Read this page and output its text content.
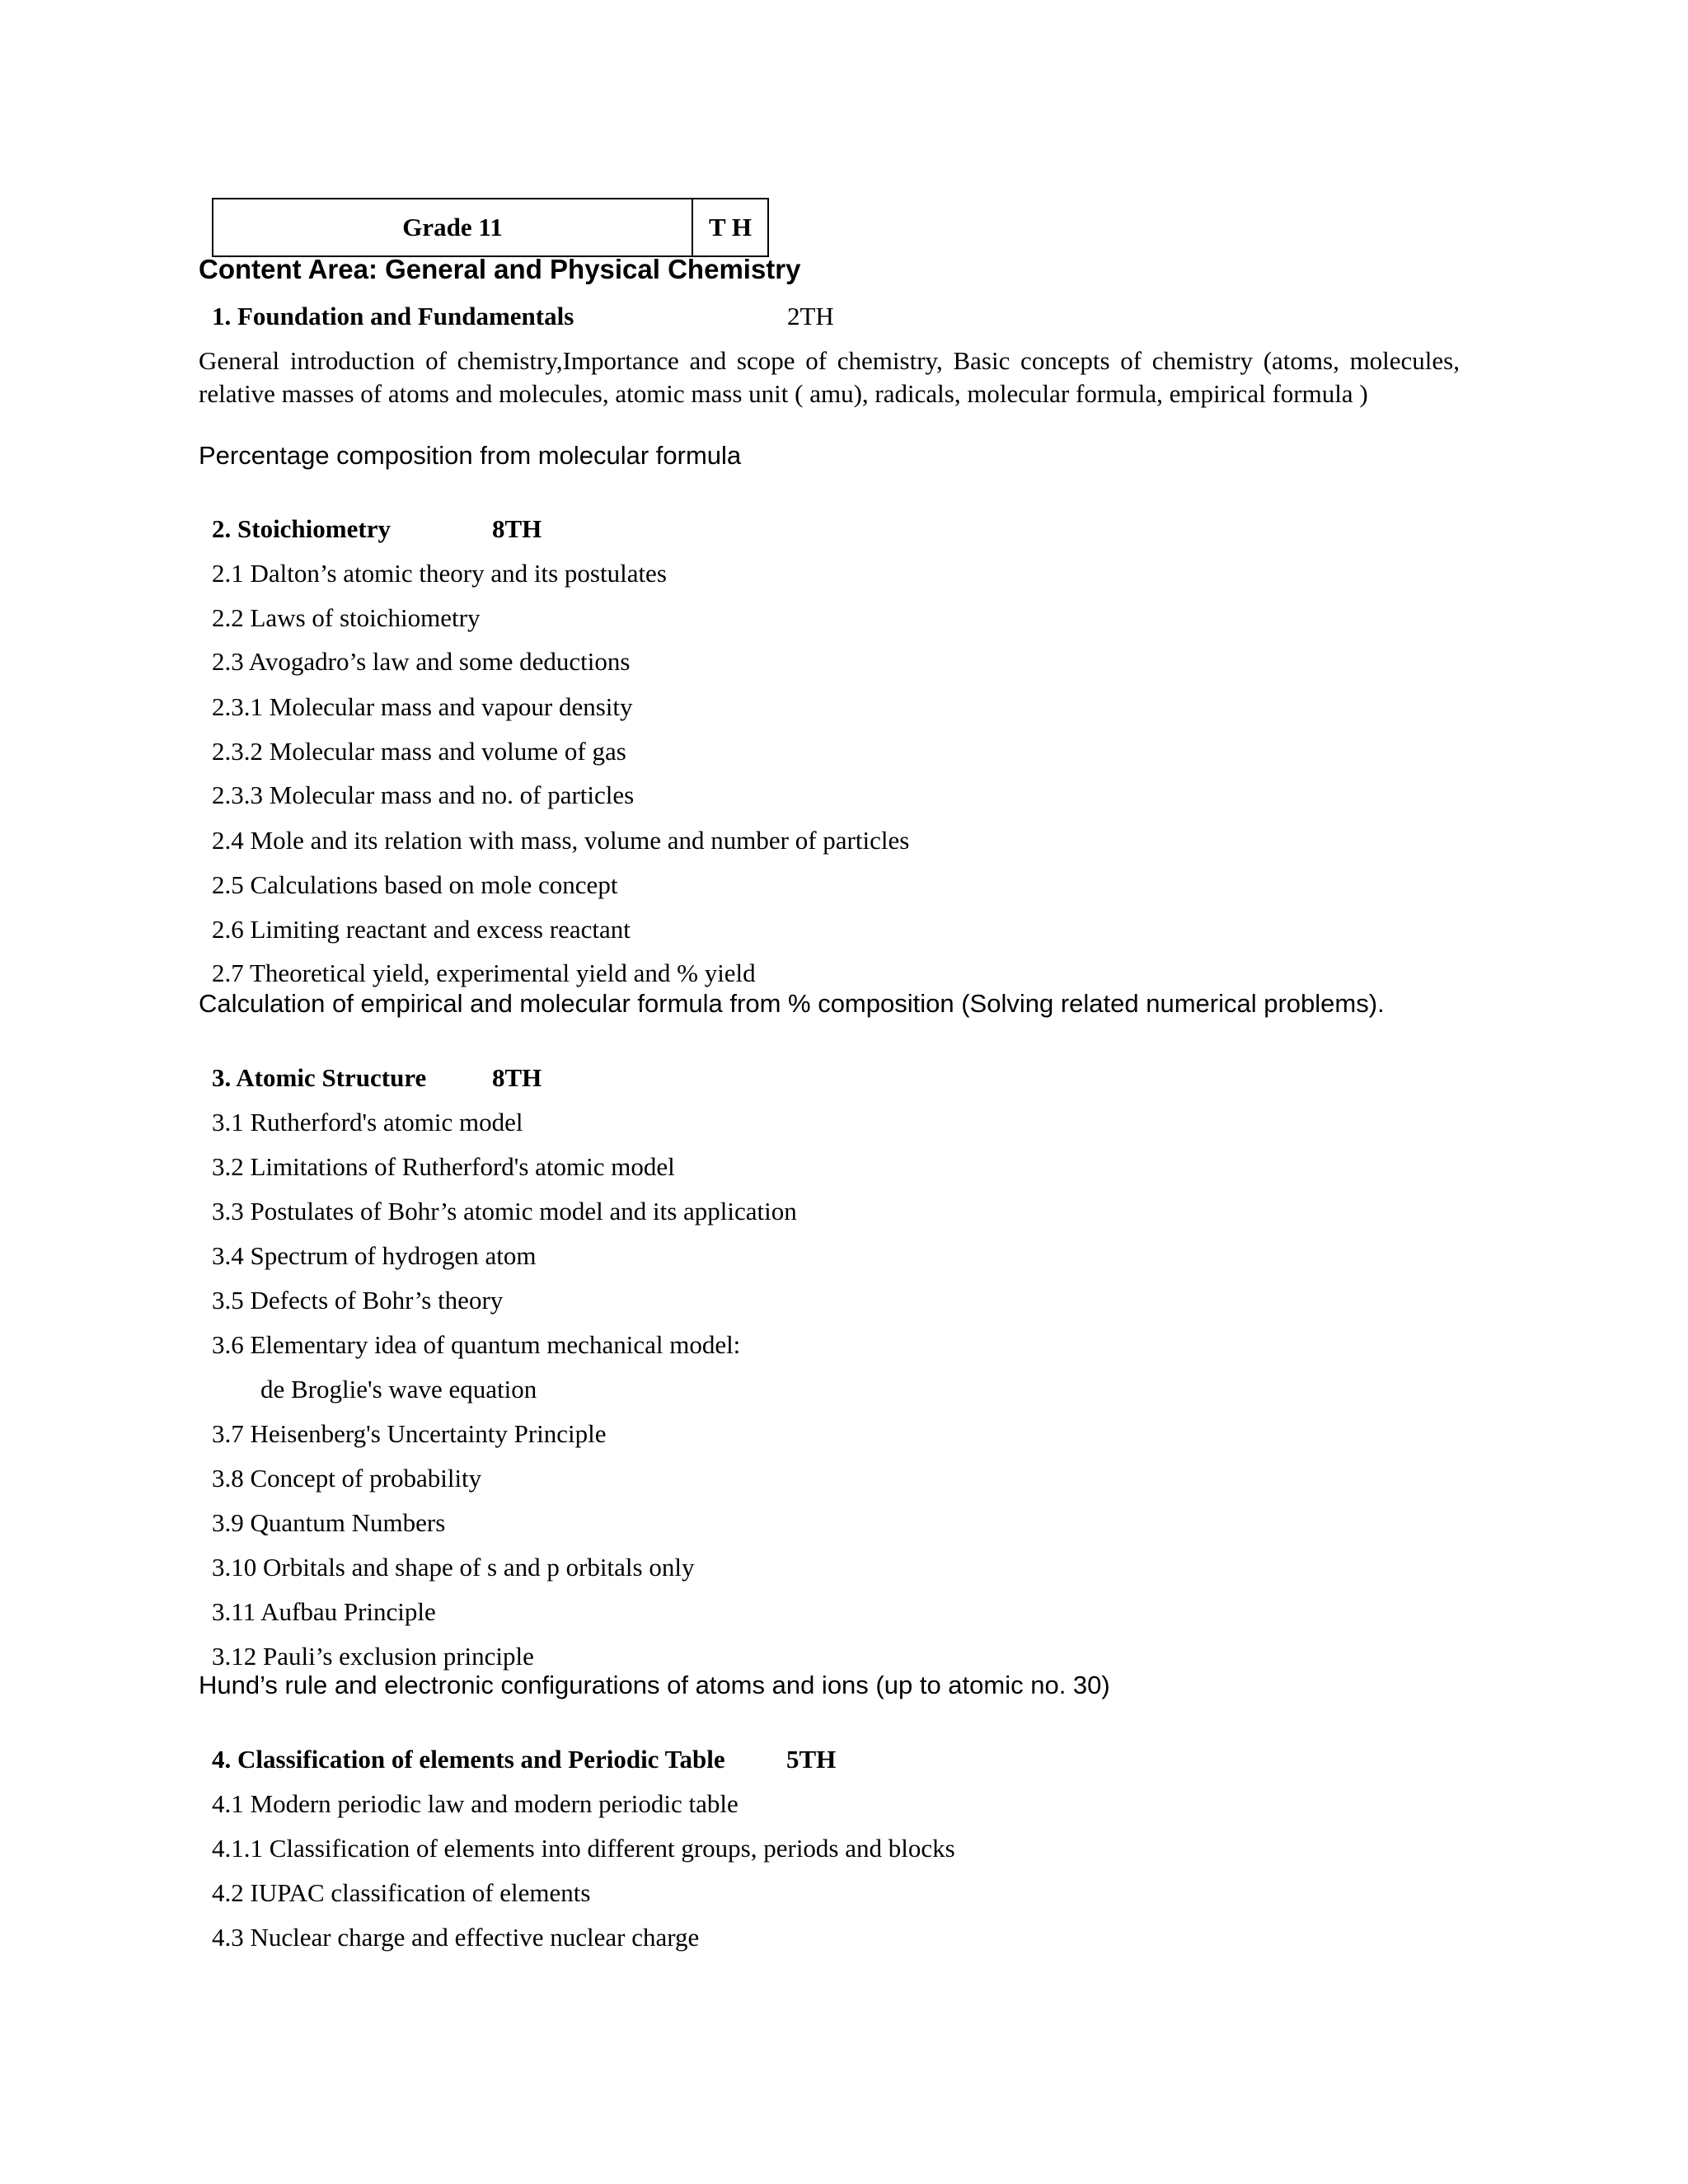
Grade 11	T H
Content Area: General and Physical Chemistry
1. Foundation and Fundamentals	2TH
General introduction of chemistry,Importance and scope of chemistry, Basic concepts of chemistry (atoms, molecules, relative masses of atoms and molecules, atomic mass unit ( amu), radicals, molecular formula, empirical formula )
Percentage composition from molecular formula
2. Stoichiometry	8TH
2.1 Dalton’s atomic theory and its postulates
2.2 Laws of stoichiometry
2.3 Avogadro’s law and some deductions
2.3.1 Molecular mass and vapour density
2.3.2 Molecular mass and volume of gas
2.3.3 Molecular mass and no. of particles
2.4 Mole and its relation with mass, volume and number of particles
2.5 Calculations based on mole concept
2.6 Limiting reactant and excess reactant
2.7 Theoretical yield, experimental yield and % yield
Calculation of empirical and molecular formula from % composition (Solving related numerical problems).
3. Atomic Structure	8TH
3.1 Rutherford's atomic model
3.2 Limitations of Rutherford's atomic model
3.3 Postulates of Bohr’s atomic model and its application
3.4 Spectrum of hydrogen atom
3.5 Defects of Bohr’s theory
3.6 Elementary idea of quantum mechanical model:
de Broglie's wave equation
3.7 Heisenberg's Uncertainty Principle
3.8 Concept of probability
3.9 Quantum Numbers
3.10 Orbitals and shape of s and p orbitals only
3.11 Aufbau Principle
3.12 Pauli’s exclusion principle
Hund’s rule and electronic configurations of atoms and ions (up to atomic no. 30)
4. Classification of elements and Periodic Table 5TH
4.1 Modern periodic law and modern periodic table
4.1.1 Classification of elements into different groups, periods and blocks
4.2 IUPAC classification of elements
4.3 Nuclear charge and effective nuclear charge
